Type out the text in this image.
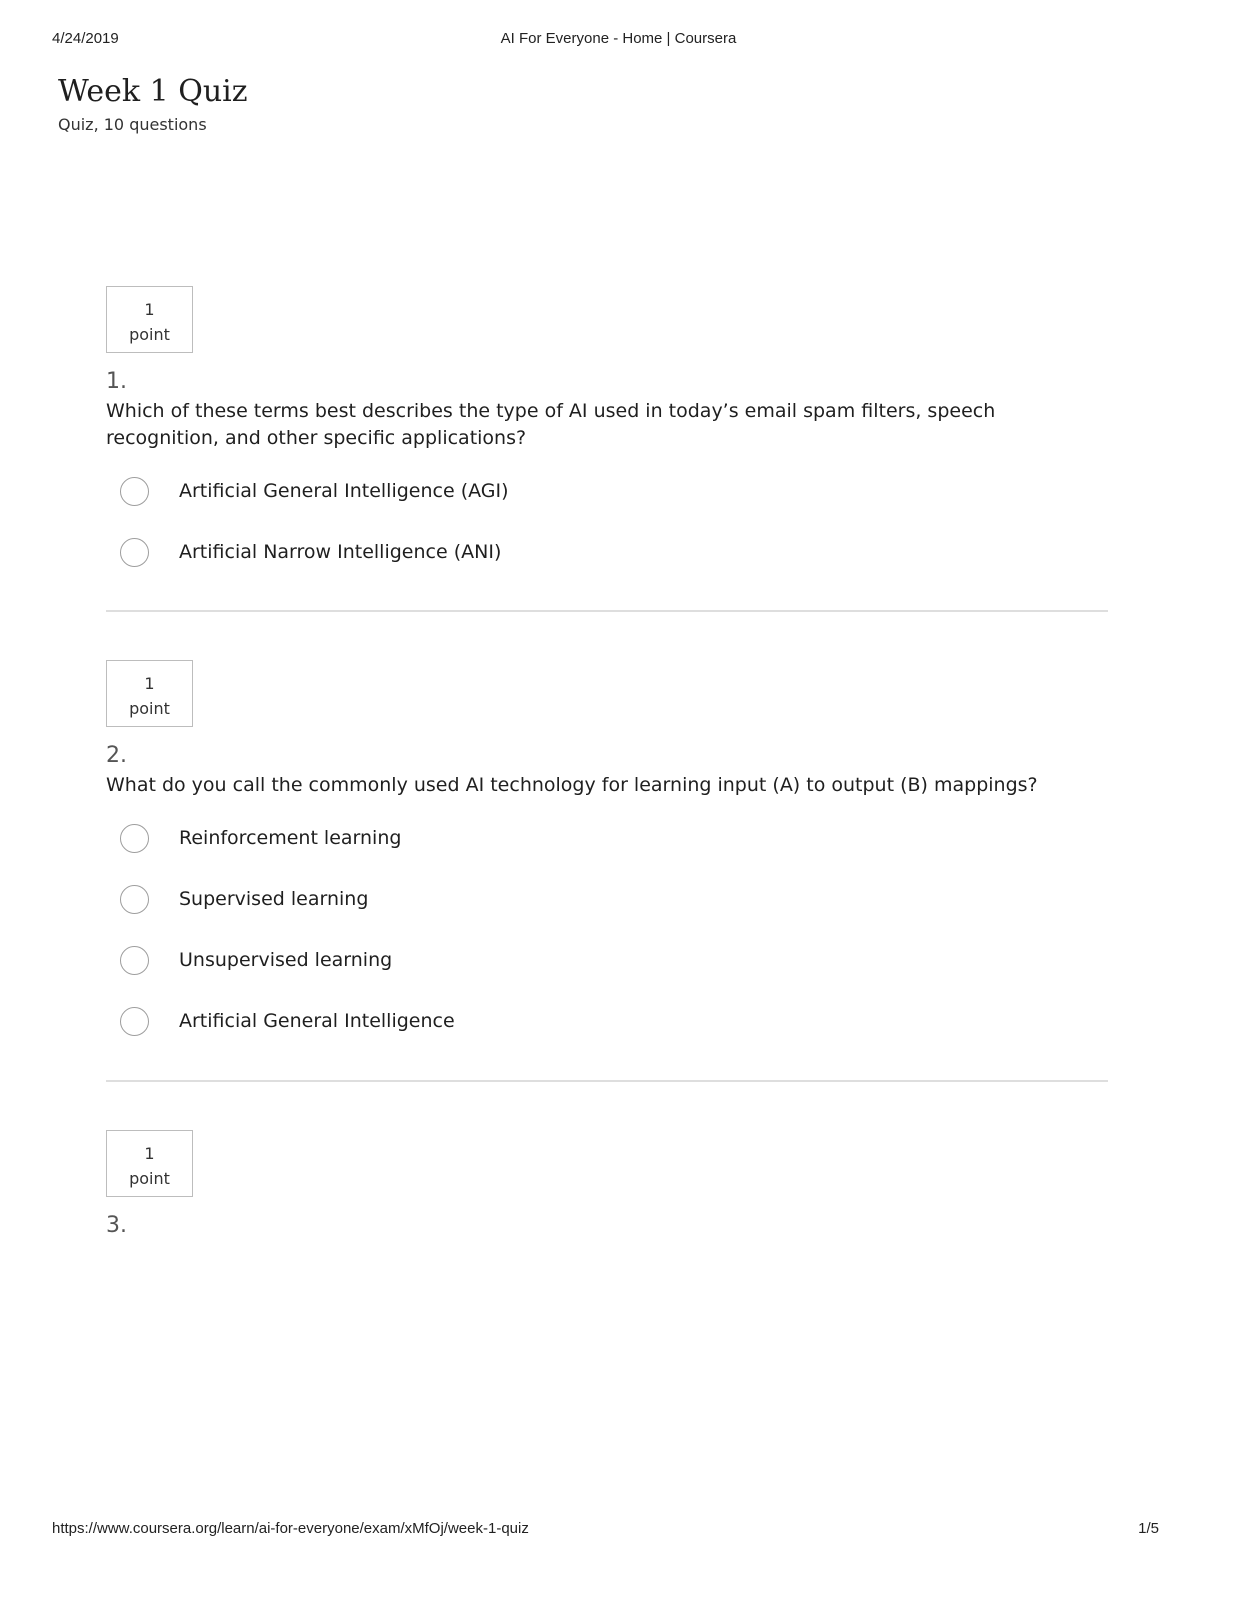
4/24/2019	AI For Everyone - Home | Coursera
Week 1 Quiz
Quiz, 10 questions
1
point
1.
Which of these terms best describes the type of AI used in today’s email spam filters, speech recognition, and other specific applications?
Artificial General Intelligence (AGI)
Artificial Narrow Intelligence (ANI)
1
point
2.
What do you call the commonly used AI technology for learning input (A) to output (B) mappings?
Reinforcement learning
Supervised learning
Unsupervised learning
Artificial General Intelligence
1
point
3.
https://www.coursera.org/learn/ai-for-everyone/exam/xMfOj/week-1-quiz	1/5
